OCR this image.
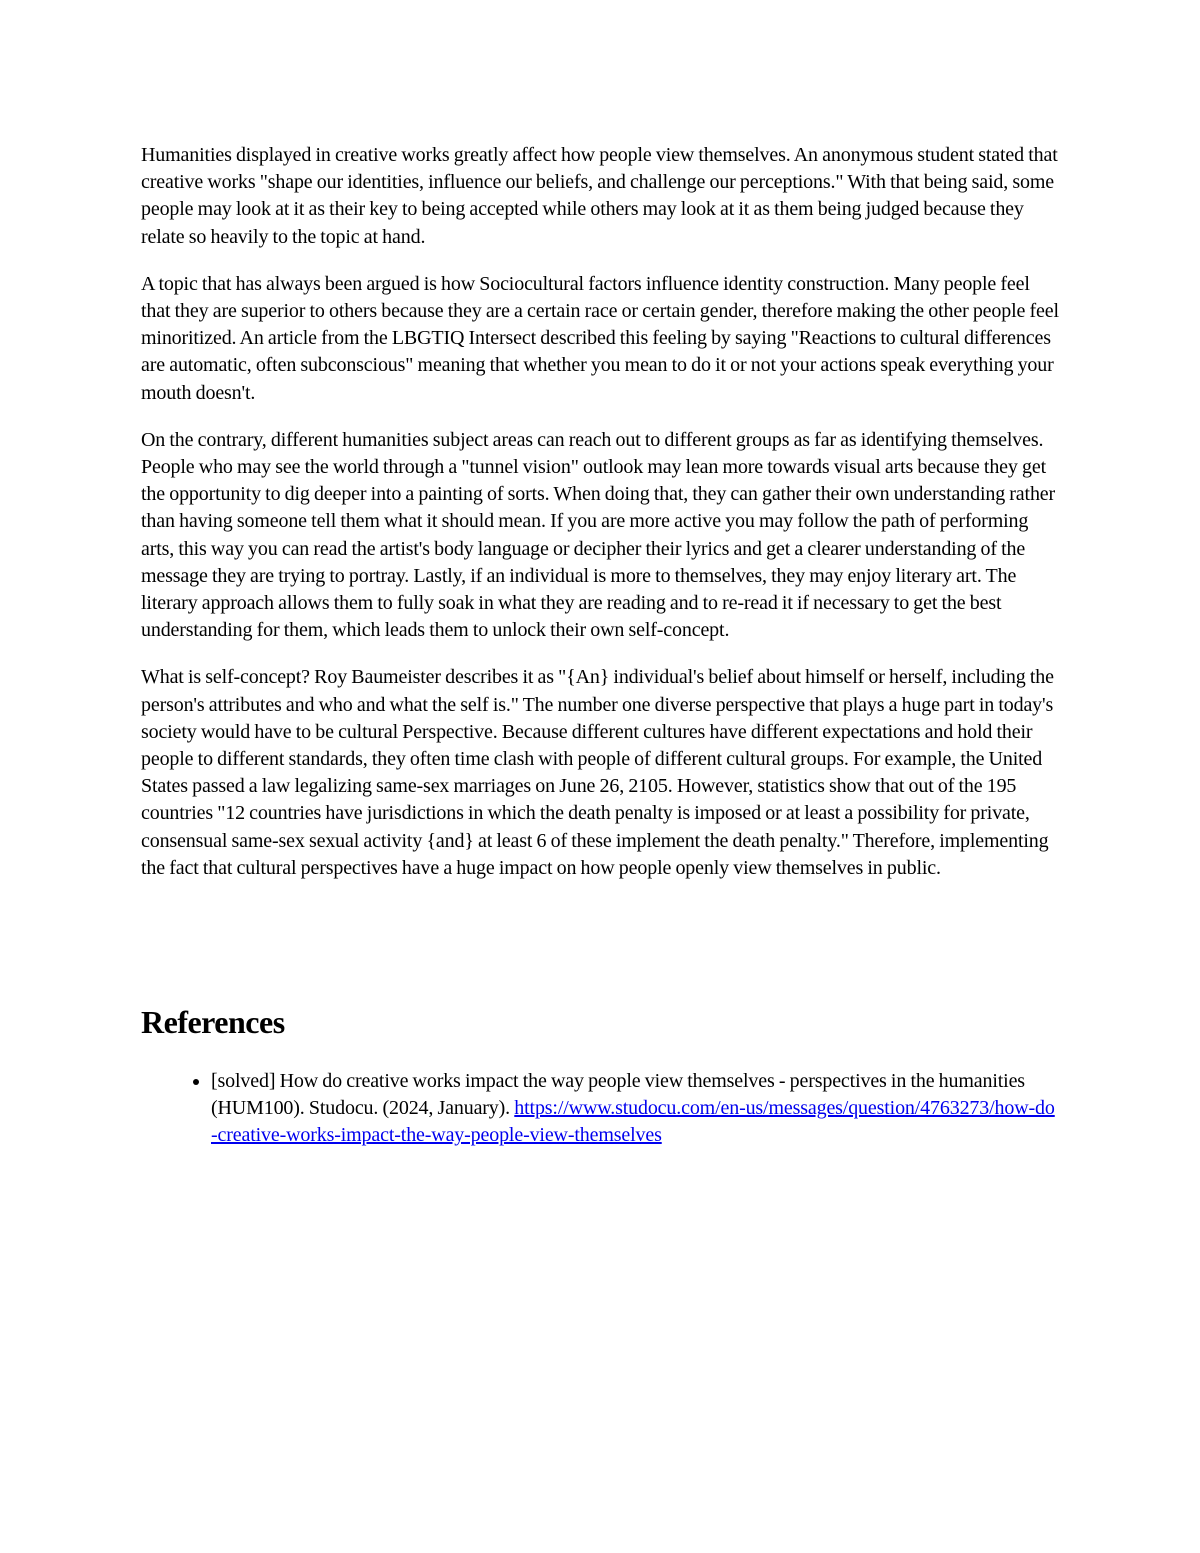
Humanities displayed in creative works greatly affect how people view themselves. An anonymous student stated that creative works "shape our identities, influence our beliefs, and challenge our perceptions." With that being said, some people may look at it as their key to being accepted while others may look at it as them being judged because they relate so heavily to the topic at hand.

A topic that has always been argued is how Sociocultural factors influence identity construction. Many people feel that they are superior to others because they are a certain race or certain gender, therefore making the other people feel minoritized. An article from the LBGTIQ Intersect described this feeling by saying "Reactions to cultural differences are automatic, often subconscious" meaning that whether you mean to do it or not your actions speak everything your mouth doesn't.

On the contrary, different humanities subject areas can reach out to different groups as far as identifying themselves. People who may see the world through a "tunnel vision" outlook may lean more towards visual arts because they get the opportunity to dig deeper into a painting of sorts. When doing that, they can gather their own understanding rather than having someone tell them what it should mean. If you are more active you may follow the path of performing arts, this way you can read the artist's body language or decipher their lyrics and get a clearer understanding of the message they are trying to portray. Lastly, if an individual is more to themselves, they may enjoy literary art. The literary approach allows them to fully soak in what they are reading and to re-read it if necessary to get the best understanding for them, which leads them to unlock their own self-concept.

What is self-concept? Roy Baumeister describes it as "{An} individual's belief about himself or herself, including the person's attributes and who and what the self is." The number one diverse perspective that plays a huge part in today's society would have to be cultural Perspective. Because different cultures have different expectations and hold their people to different standards, they often time clash with people of different cultural groups. For example, the United States passed a law legalizing same-sex marriages on June 26, 2105. However, statistics show that out of the 195 countries "12 countries have jurisdictions in which the death penalty is imposed or at least a possibility for private, consensual same-sex sexual activity {and} at least 6 of these implement the death penalty." Therefore, implementing the fact that cultural perspectives have a huge impact on how people openly view themselves in public.

References
• [solved] How do creative works impact the way people view themselves - perspectives in the humanities (HUM100). Studocu. (2024, January). https://www.studocu.com/en-us/messages/question/4763273/how-do-creative-works-impact-the-way-people-view-themselves
